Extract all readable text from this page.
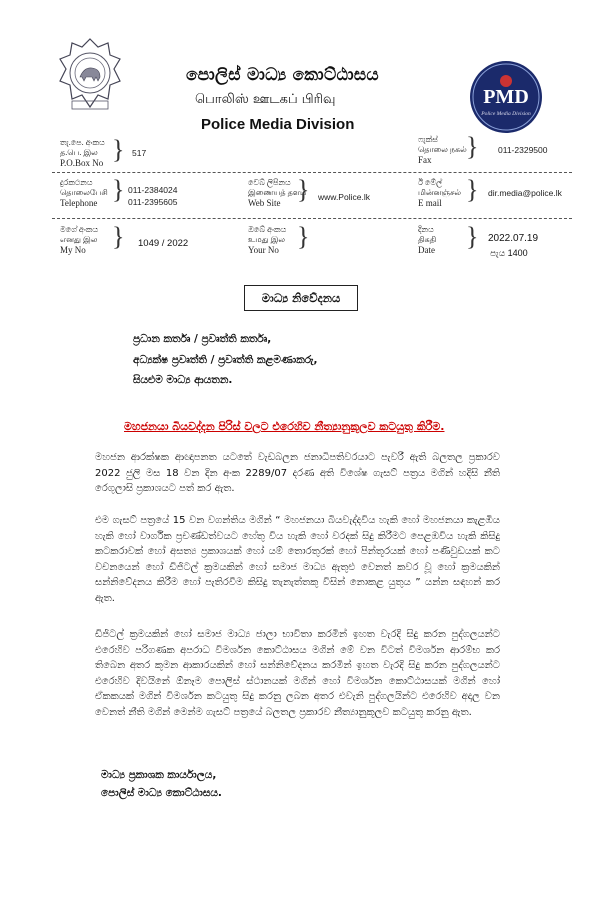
පොලිස් මාධ්‍ය කොට්ඨාසය
பொலிஸ் ஊடகப் பிரிவு
Police Media Division
PMD
Police Media Division
තැ.පෙ. අංකය
த.பெ. இல
P.O.Box No } 517
ෆැක්ස්
தொலை நகல்
Fax	} 011-2329500
දුරකථනය
தொலைபேசி
Telephone } 011-2384024
011-2395605
වෙබ් ලිපිනය
இணையத் தளம்
Web Site } www.Police.lk
ඊ මේල්
மின்னஞ்சல்
E mail } dir.media@police.lk
මගේ අංකය
எனது இல
My No	} 1049 / 2022
ඔබේ අංකය
உமது இல
Your No }	දිනය
திகதி
Date } 2022.07.19
පැය 1400
මාධ්‍ය නිවේදනය
ප්‍රධාන කර්තෘ / ප්‍රවෘත්ති කර්තෘ,
අධ්‍යක්ෂ ප්‍රවෘත්ති / ප්‍රවෘත්ති කළමණාකරු,
සියළුම මාධ්‍ය ආයතන.
මහජනයා බියවද්දන පිරිස් වලට එරෙහිව නීත්‍යානුකූලව කටයුතු කිරීම.
මහජන ආරක්ෂක ආඥාපනත යටතේ වැඩබලන ජනාධිපතිවරයාට පැවරී ඇති බලතල ප්‍රකාරව 2022 ජුලි මස 18 වන දින අංක 2289/07 දරණ අති විශේෂ ගැසට් පත්‍රය මගින් හදිසි නීති රෙගුලාසි ප්‍රකාශයට පත් කර ඇත.
එම ගැසට් පත්‍රයේ 15 වන වගන්තිය මගින් “ මහජනයා බියවැද්දවිය හැකි හෝ මහජනයා කැළඹිය හැකි හෝ වාර්ගික ප්‍රචණ්ඩත්වයට හේතු විය හැකි හෝ වරදක් සිදු කිරීමට පෙළඹවිය හැකි කිසිදු කටකරාවක් හෝ අසත්‍ය ප්‍රකාශයක් හෝ යම් තොරතුරක් හෝ පින්තූරයක් හෝ පණිවුඩයක් කට වචනයෙන් හෝ ඩිජිටල් ක්‍රමයකින් හෝ සමාජ මාධ්‍ය ඇතුළු වෙනත් කවර වූ හෝ ක්‍රමයකින් සන්නිවේදනය කිරීම හෝ පැතිරවීම කිසිදු තැනැත්තකු විසින් නොකළ යුතුය ” යන්න සඳහන් කර ඇත.
ඩිජිටල් ක්‍රමයකින් හෝ සමාජ මාධ්‍ය ජාලා භාවිතා කරමින් ඉහත වැරදි සිදු කරන පුද්ගලයන්ට එරෙහිව පරිගණක අපරාධ විමර්ශන කොට්ඨාසය මගින් මේ වන විටත් විමර්ශන ආරම්භ කර තිබෙන අතර කුමන ආකාරයකින් හෝ සන්නිවේදනය කරමින් ඉහත වැරදි සිදු කරන පුද්ගලයන්ට එරෙහිව දිවයිනේ ඕනෑම පොලිස් ස්ථානයක් මගින් හෝ විමර්ශන කොට්ඨාසයක් මගින් හෝ ඒකකයක් මගින් විමර්ශන කටයුතු සිදු කරනු ලබන අතර එවැනි පුද්ගලයින්ට එරෙහිව අදාල වන වෙනත් නීති මගින් මෙන්ම ගැසට් පත්‍රයේ බලතල ප්‍රකාරව නීත්‍යානුකූලව කටයුතු කරනු ඇත.
මාධ්‍ය ප්‍රකාශක කාර්යාලය,
පොලිස් මාධ්‍ය කොට්ඨාසය.
